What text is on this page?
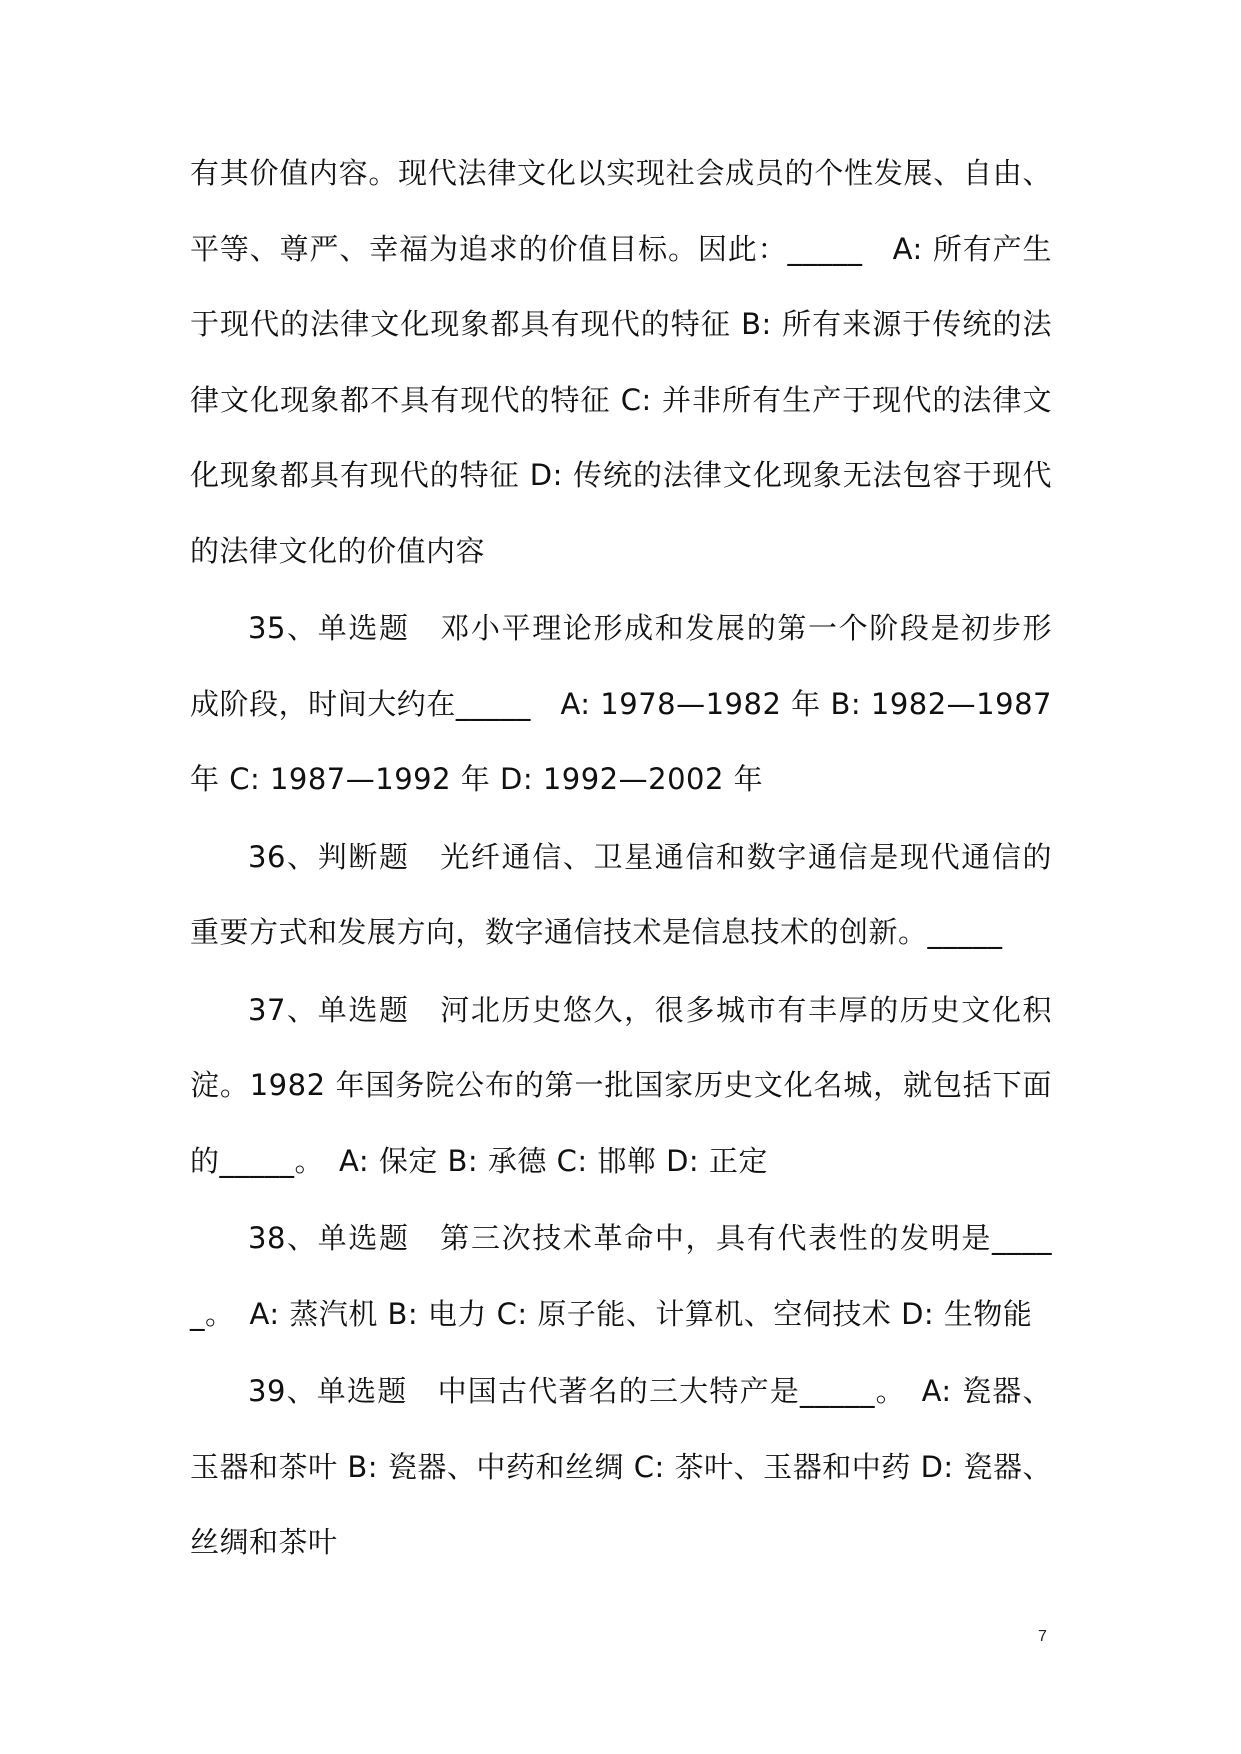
有其价值内容。现代法律文化以实现社会成员的个性发展、自由、平等、尊严、幸福为追求的价值目标。因此：_____　A: 所有产生于现代的法律文化现象都具有现代的特征 B: 所有来源于传统的法律文化现象都不具有现代的特征 C: 并非所有生产于现代的法律文化现象都具有现代的特征 D: 传统的法律文化现象无法包容于现代的法律文化的价值内容

35、单选题　邓小平理论形成和发展的第一个阶段是初步形成阶段，时间大约在_____　A: 1978—1982 年 B: 1982—1987 年 C: 1987—1992 年 D: 1992—2002 年

36、判断题　光纤通信、卫星通信和数字通信是现代通信的重要方式和发展方向，数字通信技术是信息技术的创新。_____

37、单选题　河北历史悠久，很多城市有丰厚的历史文化积淀。1982 年国务院公布的第一批国家历史文化名城，就包括下面的_____。　A: 保定 B: 承德 C: 邯郸 D: 正定

38、单选题　第三次技术革命中，具有代表性的发明是_____。　A: 蒸汽机 B: 电力 C: 原子能、计算机、空伺技术 D: 生物能

39、单选题　中国古代著名的三大特产是_____。　A: 瓷器、玉器和茶叶 B: 瓷器、中药和丝绸 C: 茶叶、玉器和中药 D: 瓷器、丝绸和茶叶

7
